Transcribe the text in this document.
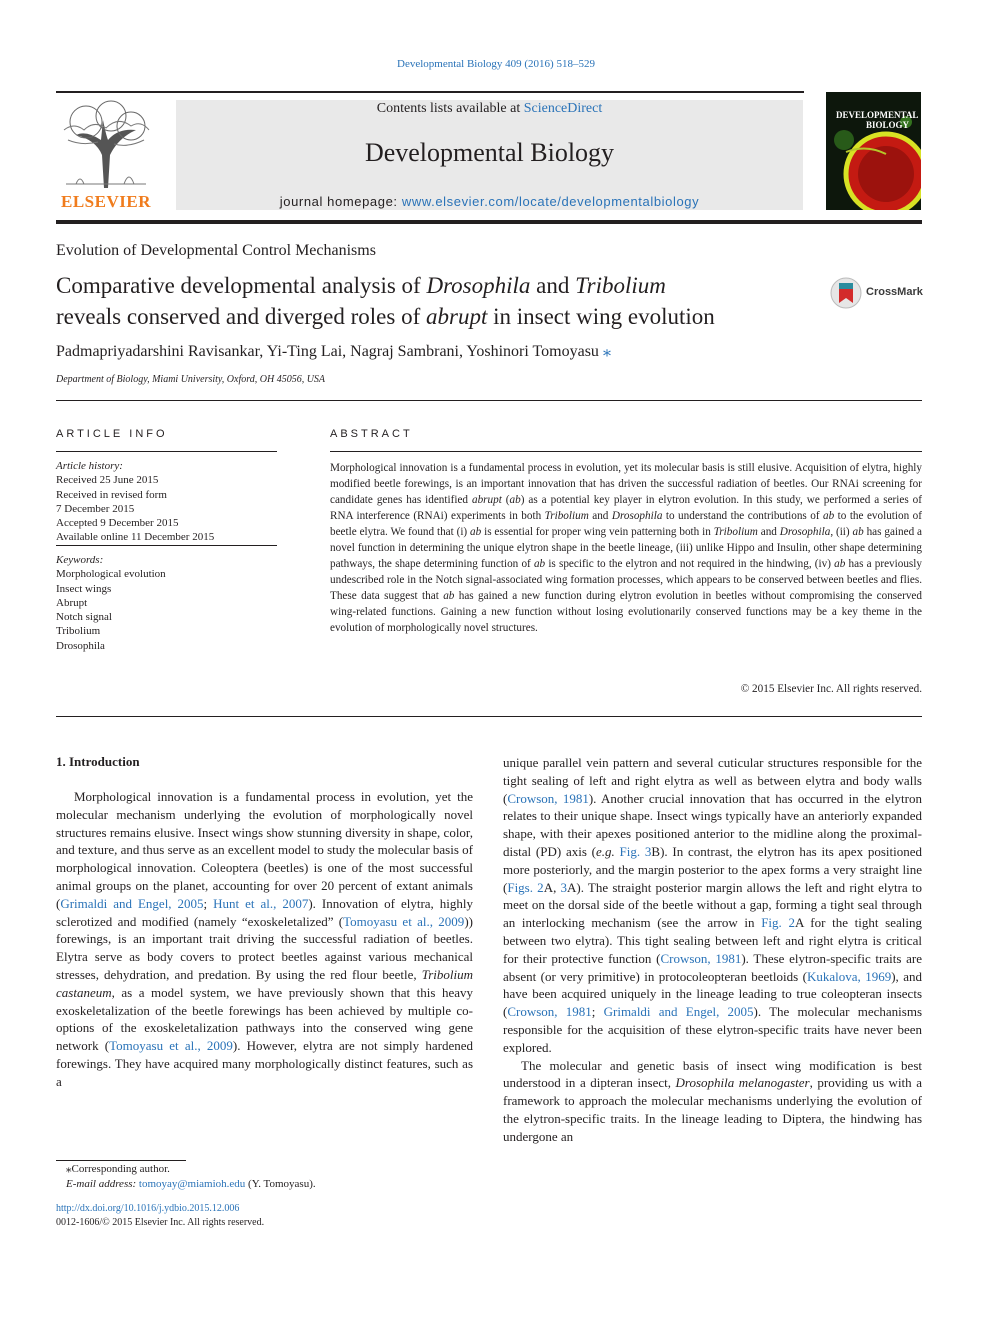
Developmental Biology 409 (2016) 518–529
ELSEVIER
Contents lists available at ScienceDirect
Developmental Biology
journal homepage: www.elsevier.com/locate/developmentalbiology
DEVELOPMENTAL
BIOLOGY
Evolution of Developmental Control Mechanisms
Comparative developmental analysis of Drosophila and Tribolium
reveals conserved and diverged roles of abrupt in insect wing evolution
CrossMark
Padmapriyadarshini Ravisankar, Yi-Ting Lai, Nagraj Sambrani, Yoshinori Tomoyasu ⁎
Department of Biology, Miami University, Oxford, OH 45056, USA
ARTICLE INFO
Article history:
Received 25 June 2015
Received in revised form
7 December 2015
Accepted 9 December 2015
Available online 11 December 2015
Keywords:
Morphological evolution
Insect wings
Abrupt
Notch signal
Tribolium
Drosophila
ABSTRACT
Morphological innovation is a fundamental process in evolution, yet its molecular basis is still elusive. Acquisition of elytra, highly modified beetle forewings, is an important innovation that has driven the successful radiation of beetles. Our RNAi screening for candidate genes has identified abrupt (ab) as a potential key player in elytron evolution. In this study, we performed a series of RNA interference (RNAi) experiments in both Tribolium and Drosophila to understand the contributions of ab to the evolution of beetle elytra. We found that (i) ab is essential for proper wing vein patterning both in Tribolium and Drosophila, (ii) ab has gained a novel function in determining the unique elytron shape in the beetle lineage, (iii) unlike Hippo and Insulin, other shape determining pathways, the shape determining function of ab is specific to the elytron and not required in the hindwing, (iv) ab has a previously undescribed role in the Notch signal-associated wing formation processes, which appears to be conserved between beetles and flies. These data suggest that ab has gained a new function during elytron evolution in beetles without compromising the conserved wing-related functions. Gaining a new function without losing evolutionarily conserved functions may be a key theme in the evolution of morphologically novel structures.
© 2015 Elsevier Inc. All rights reserved.
1. Introduction

Morphological innovation is a fundamental process in evolution, yet the molecular mechanism underlying the evolution of morphologically novel structures remains elusive. Insect wings show stunning diversity in shape, color, and texture, and thus serve as an excellent model to study the molecular basis of morphological innovation. Coleoptera (beetles) is one of the most successful animal groups on the planet, accounting for over 20 percent of extant animals (Grimaldi and Engel, 2005; Hunt et al., 2007). Innovation of elytra, highly sclerotized and modified (namely “exoskeletalized” (Tomoyasu et al., 2009)) forewings, is an important trait driving the successful radiation of beetles. Elytra serve as body covers to protect beetles against various mechanical stresses, dehydration, and predation. By using the red flour beetle, Tribolium castaneum, as a model system, we have previously shown that this heavy exoskeletalization of the beetle forewings has been achieved by multiple co-options of the exoskeletalization pathways into the conserved wing gene network (Tomoyasu et al., 2009). However, elytra are not simply hardened forewings. They have acquired many morphologically distinct features, such as a

unique parallel vein pattern and several cuticular structures responsible for the tight sealing of left and right elytra as well as between elytra and body walls (Crowson, 1981). Another crucial innovation that has occurred in the elytron relates to their unique shape. Insect wings typically have an anteriorly expanded shape, with their apexes positioned anterior to the midline along the proximal-distal (PD) axis (e.g. Fig. 3B). In contrast, the elytron has its apex positioned more posteriorly, and the margin posterior to the apex forms a very straight line (Figs. 2A, 3A). The straight posterior margin allows the left and right elytra to meet on the dorsal side of the beetle without a gap, forming a tight seal through an interlocking mechanism (see the arrow in Fig. 2A for the tight sealing between two elytra). This tight sealing between left and right elytra is critical for their protective function (Crowson, 1981). These elytron-specific traits are absent (or very primitive) in protocoleopteran beetloids (Kukalova, 1969), and have been acquired uniquely in the lineage leading to true coleopteran insects (Crowson, 1981; Grimaldi and Engel, 2005). The molecular mechanisms responsible for the acquisition of these elytron-specific traits have never been explored.

The molecular and genetic basis of insect wing modification is best understood in a dipteran insect, Drosophila melanogaster, providing us with a framework to approach the molecular mechanisms underlying the evolution of the elytron-specific traits. In the lineage leading to Diptera, the hindwing has undergone an

⁎Corresponding author.
E-mail address: tomoyay@miamioh.edu (Y. Tomoyasu).
http://dx.doi.org/10.1016/j.ydbio.2015.12.006
0012-1606/© 2015 Elsevier Inc. All rights reserved.
